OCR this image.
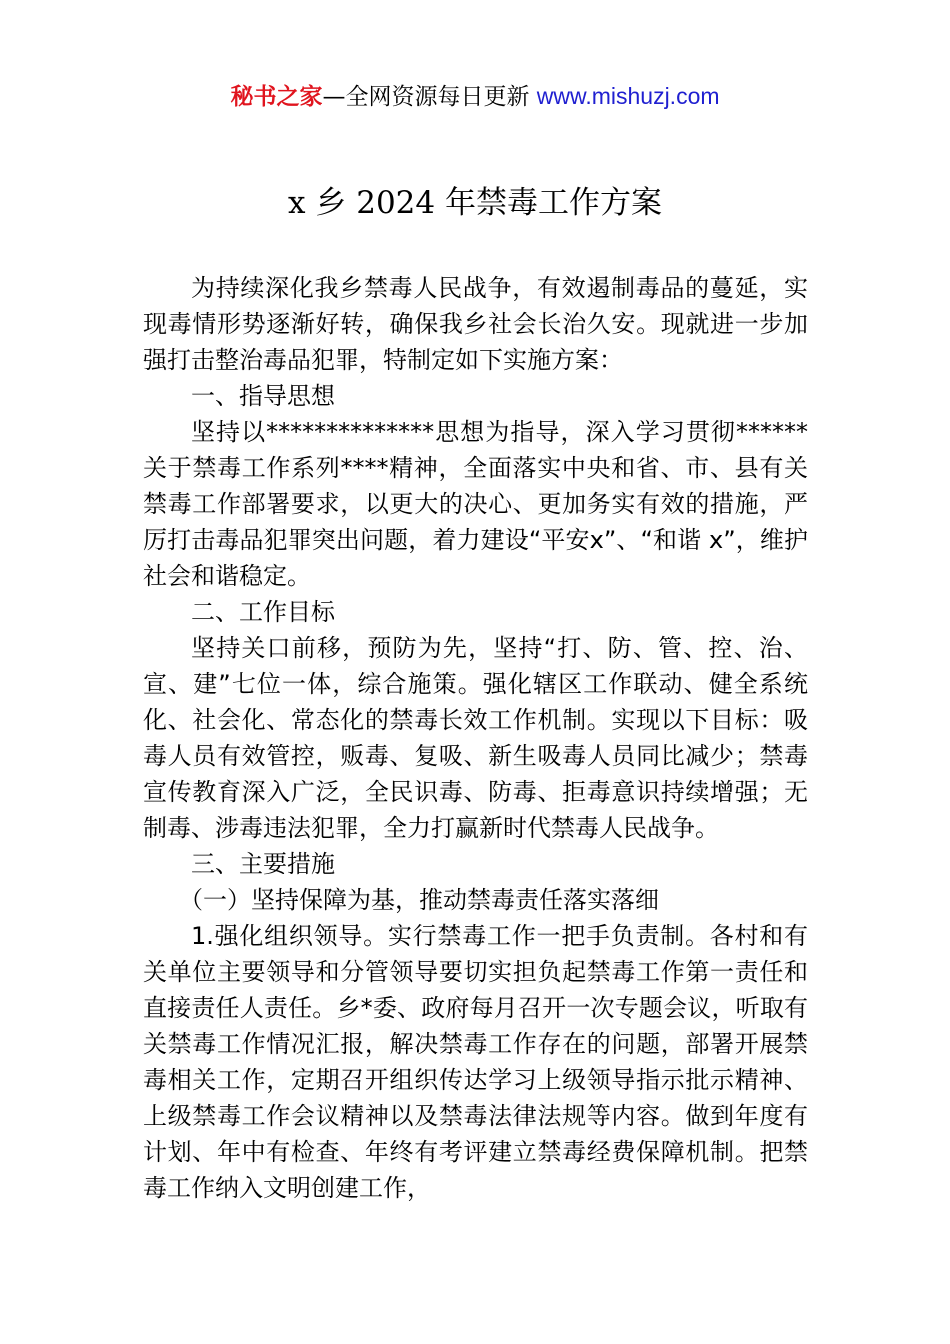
秘书之家—全网资源每日更新 www.mishuzj.com
x 乡 2024 年禁毒工作方案

为持续深化我乡禁毒人民战争，有效遏制毒品的蔓延，实现毒情形势逐渐好转，确保我乡社会长治久安。现就进一步加强打击整治毒品犯罪，特制定如下实施方案：

一、指导思想

坚持以**************思想为指导，深入学习贯彻******关于禁毒工作系列****精神，全面落实中央和省、市、县有关禁毒工作部署要求，以更大的决心、更加务实有效的措施，严厉打击毒品犯罪突出问题，着力建设“平安x”、“和谐 x”，维护社会和谐稳定。

二、工作目标

坚持关口前移，预防为先，坚持“打、防、管、控、治、宣、建”七位一体，综合施策。强化辖区工作联动、健全系统化、社会化、常态化的禁毒长效工作机制。实现以下目标：吸毒人员有效管控，贩毒、复吸、新生吸毒人员同比减少；禁毒宣传教育深入广泛，全民识毒、防毒、拒毒意识持续增强；无制毒、涉毒违法犯罪，全力打赢新时代禁毒人民战争。

三、主要措施

（一）坚持保障为基，推动禁毒责任落实落细

1.强化组织领导。实行禁毒工作一把手负责制。各村和有关单位主要领导和分管领导要切实担负起禁毒工作第一责任和直接责任人责任。乡*委、政府每月召开一次专题会议，听取有关禁毒工作情况汇报，解决禁毒工作存在的问题，部署开展禁毒相关工作，定期召开组织传达学习上级领导指示批示精神、上级禁毒工作会议精神以及禁毒法律法规等内容。做到年度有计划、年中有检查、年终有考评建立禁毒经费保障机制。把禁毒工作纳入文明创建工作，
